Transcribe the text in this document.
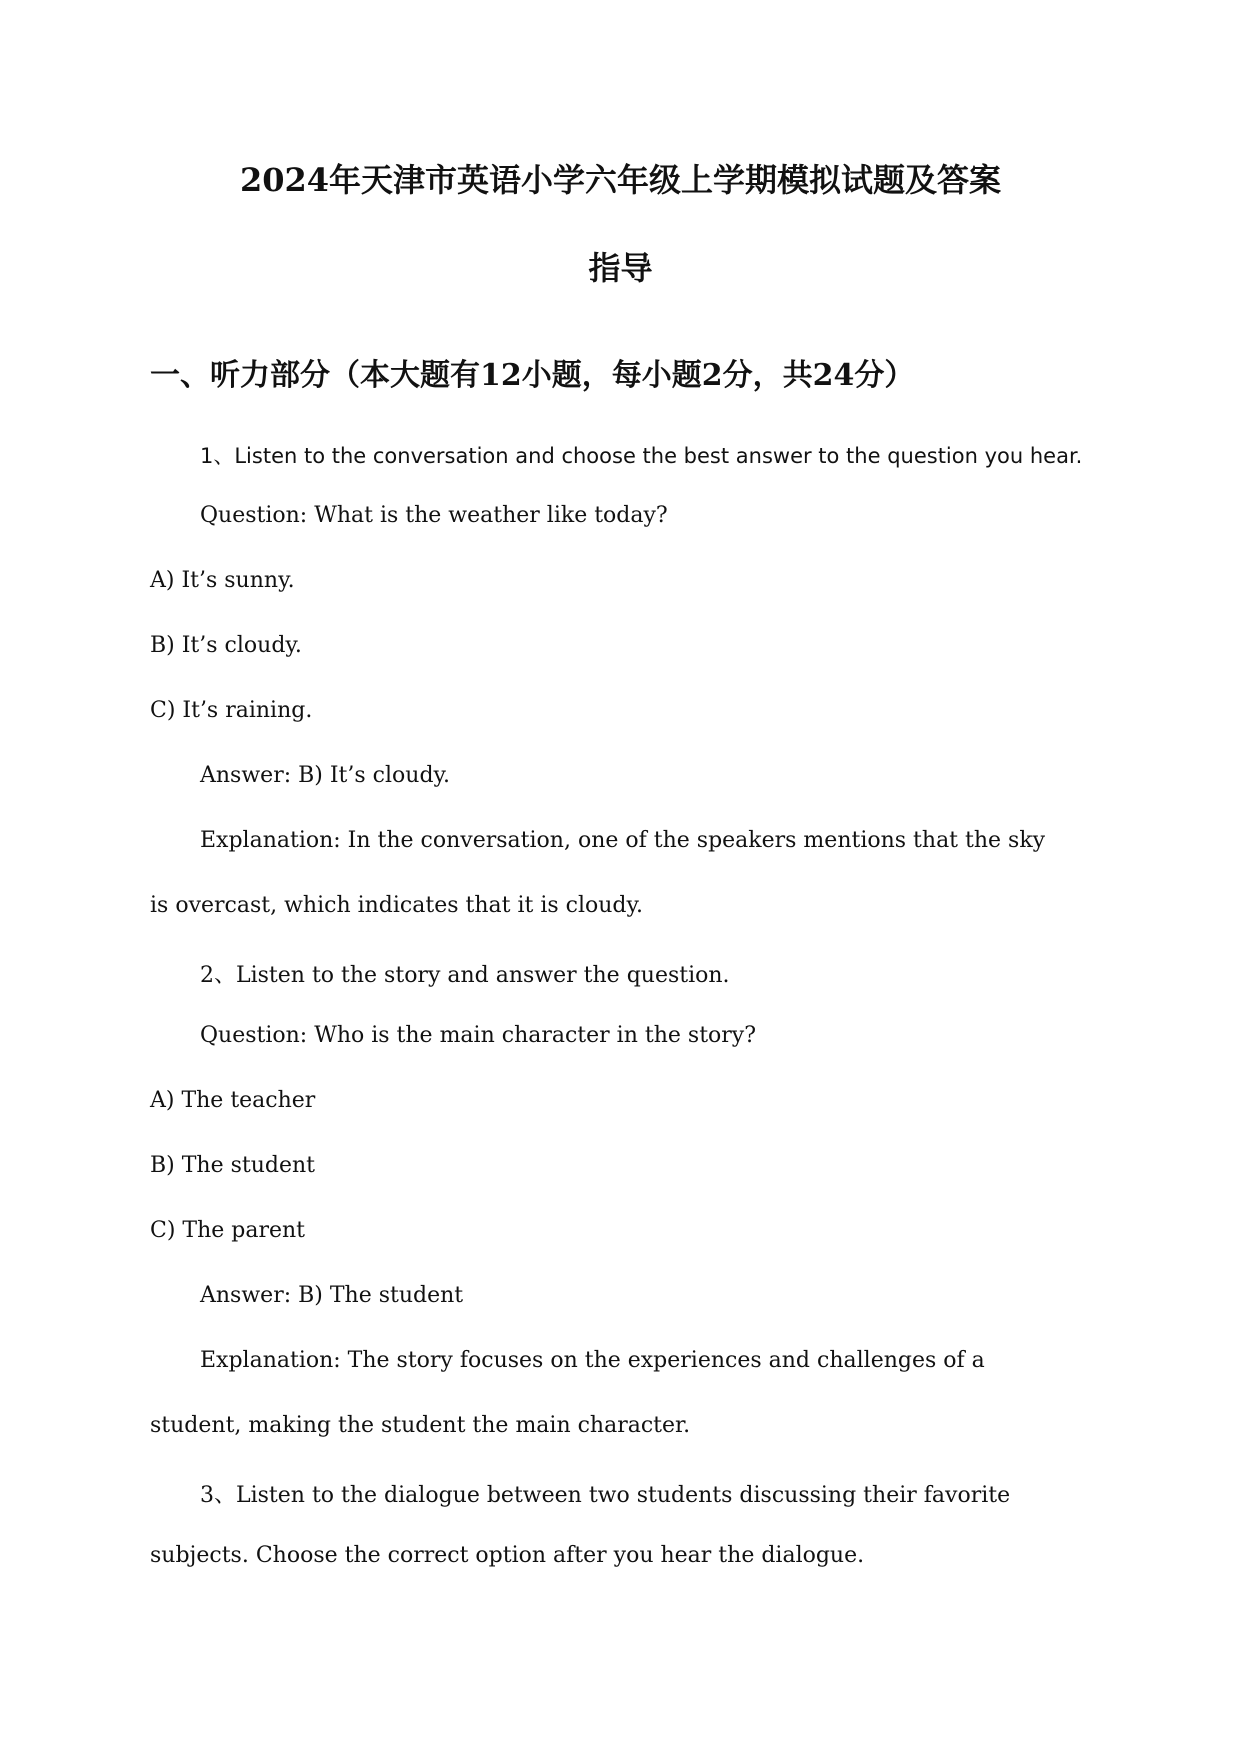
2024年天津市英语小学六年级上学期模拟试题及答案
指导
一、听力部分（本大题有12小题，每小题2分，共24分）
1、Listen to the conversation and choose the best answer to the question you hear.
Question: What is the weather like today?
A) It’s sunny.
B) It’s cloudy.
C) It’s raining.
Answer: B) It’s cloudy.
Explanation: In the conversation, one of the speakers mentions that the sky
is overcast, which indicates that it is cloudy.
2、Listen to the story and answer the question.
Question: Who is the main character in the story?
A) The teacher
B) The student
C) The parent
Answer: B) The student
Explanation: The story focuses on the experiences and challenges of a
student, making the student the main character.
3、Listen to the dialogue between two students discussing their favorite
subjects. Choose the correct option after you hear the dialogue.
